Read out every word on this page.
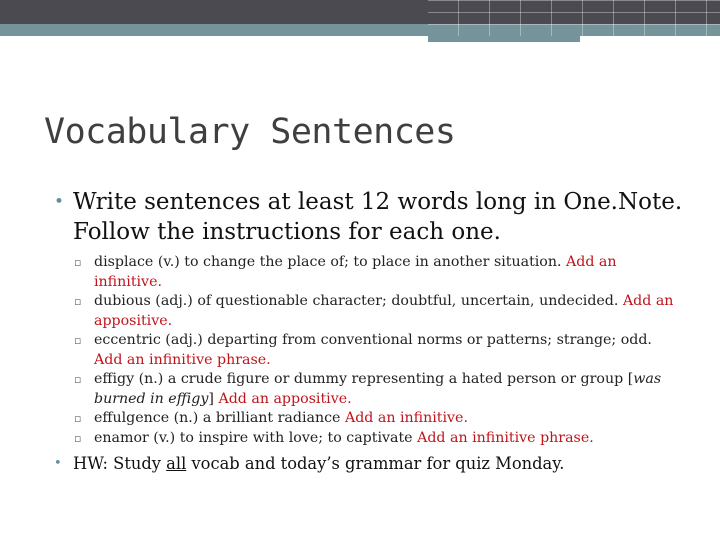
Vocabulary Sentences
• Write sentences at least 12 words long in One.Note. Follow the instructions for each one.
▫ displace (v.) to change the place of; to place in another situation. Add an infinitive.
▫ dubious (adj.) of questionable character; doubtful, uncertain, undecided. Add an appositive.
▫ eccentric (adj.) departing from conventional norms or patterns; strange; odd. Add an infinitive phrase.
▫ effigy (n.) a crude figure or dummy representing a hated person or group [was burned in effigy] Add an appositive.
▫ effulgence (n.) a brilliant radiance Add an infinitive.
▫ enamor (v.) to inspire with love; to captivate Add an infinitive phrase.
• HW: Study all vocab and today’s grammar for quiz Monday.
